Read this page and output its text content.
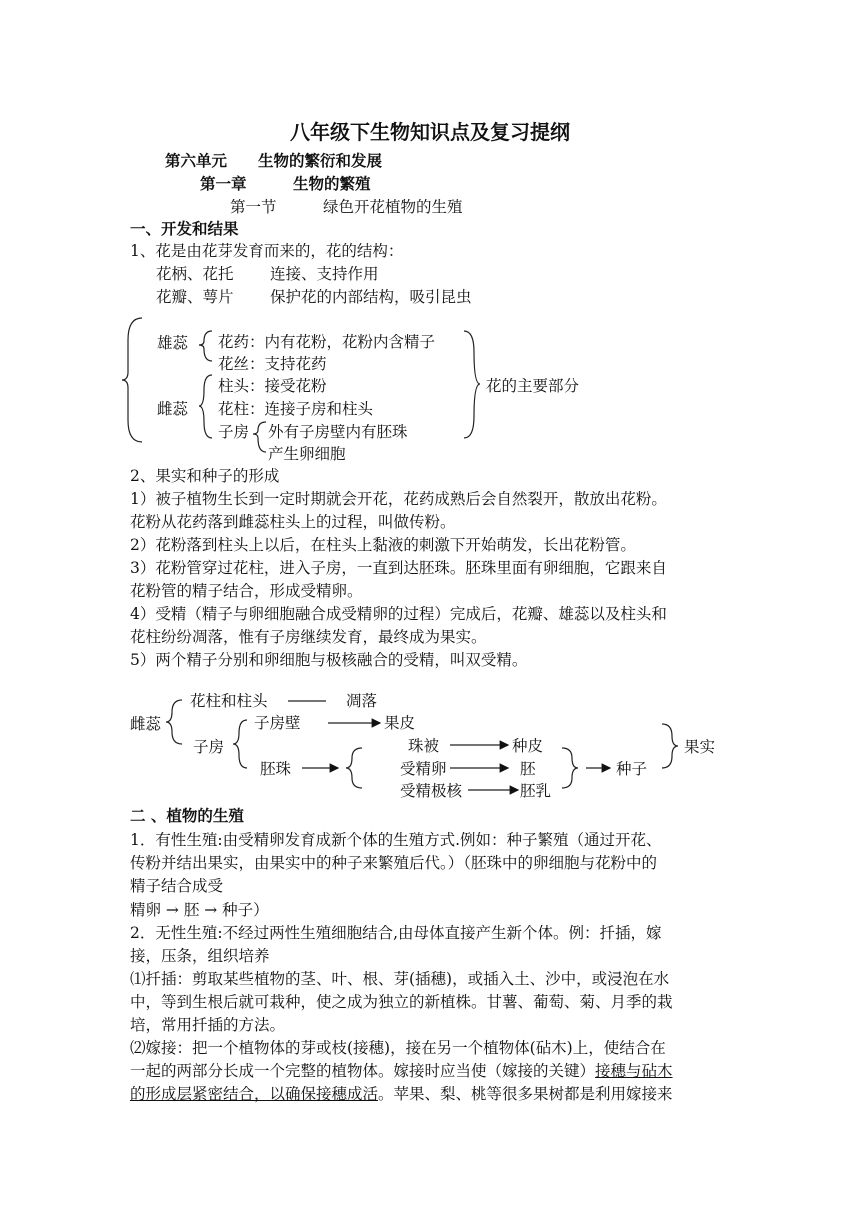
八年级下生物知识点及复习提纲
第六单元　　生物的繁衍和发展
第一章　　　生物的繁殖
第一节　　　绿色开花植物的生殖
一、开发和结果
1、花是由花芽发育而来的，花的结构：
花柄、花托 连接、支持作用
花瓣、萼片 保护花的内部结构，吸引昆虫
雄蕊 花药：内有花粉，花粉内含精子
花丝：支持花药
雌蕊
柱头：接受花粉
花柱：连接子房和柱头
子房 外有子房壁内有胚珠
产生卵细胞
花的主要部分
2、果实和种子的形成
1）被子植物生长到一定时期就会开花，花药成熟后会自然裂开，散放出花粉。
花粉从花药落到雌蕊柱头上的过程，叫做传粉。
2）花粉落到柱头上以后，在柱头上黏液的刺激下开始萌发，长出花粉管。
3）花粉管穿过花柱，进入子房，一直到达胚珠。胚珠里面有卵细胞，它跟来自
花粉管的精子结合，形成受精卵。
4）受精（精子与卵细胞融合成受精卵的过程）完成后，花瓣、雄蕊以及柱头和
花柱纷纷凋落，惟有子房继续发育，最终成为果实。
5）两个精子分别和卵细胞与极核融合的受精，叫双受精。
雌蕊
花柱和柱头	凋落
子房
子房壁	果皮
胚珠
珠被	种皮
受精卵	胚
受精极核	胚乳
种子
果实
二 、植物的生殖
1．有性生殖:由受精卵发育成新个体的生殖方式.例如：种子繁殖（通过开花、
传粉并结出果实，由果实中的种子来繁殖后代。）（胚珠中的卵细胞与花粉中的
精子结合成受
精卵 → 胚 → 种子）
2．无性生殖:不经过两性生殖细胞结合,由母体直接产生新个体。例：扦插，嫁
接，压条，组织培养
⑴扦插：剪取某些植物的茎、叶、根、芽(插穗)，或插入土、沙中，或浸泡在水
中，等到生根后就可栽种，使之成为独立的新植株。甘薯、葡萄、菊、月季的栽
培，常用扦插的方法。
⑵嫁接：把一个植物体的芽或枝(接穗)，接在另一个植物体(砧木)上，使结合在
一起的两部分长成一个完整的植物体。嫁接时应当使（嫁接的关键）接穗与砧木
的形成层紧密结合，以确保接穗成活。苹果、梨、桃等很多果树都是利用嫁接来
